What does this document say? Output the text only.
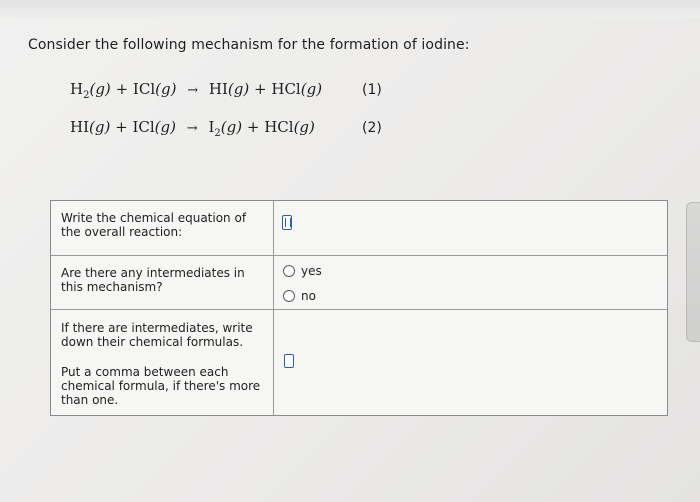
Consider the following mechanism for the formation of iodine:
$H_2(g) + ICl(g) \to HI(g) + HCl(g)$	(1)
$HI(g) + ICl(g) \to I_2(g) + HCl(g)$	(2)
Write the chemical equation of the overall reaction:
Are there any intermediates in this mechanism?
yes
no

If there are intermediates, write down their chemical formulas.

Put a comma between each chemical formula, if there's more than one.
